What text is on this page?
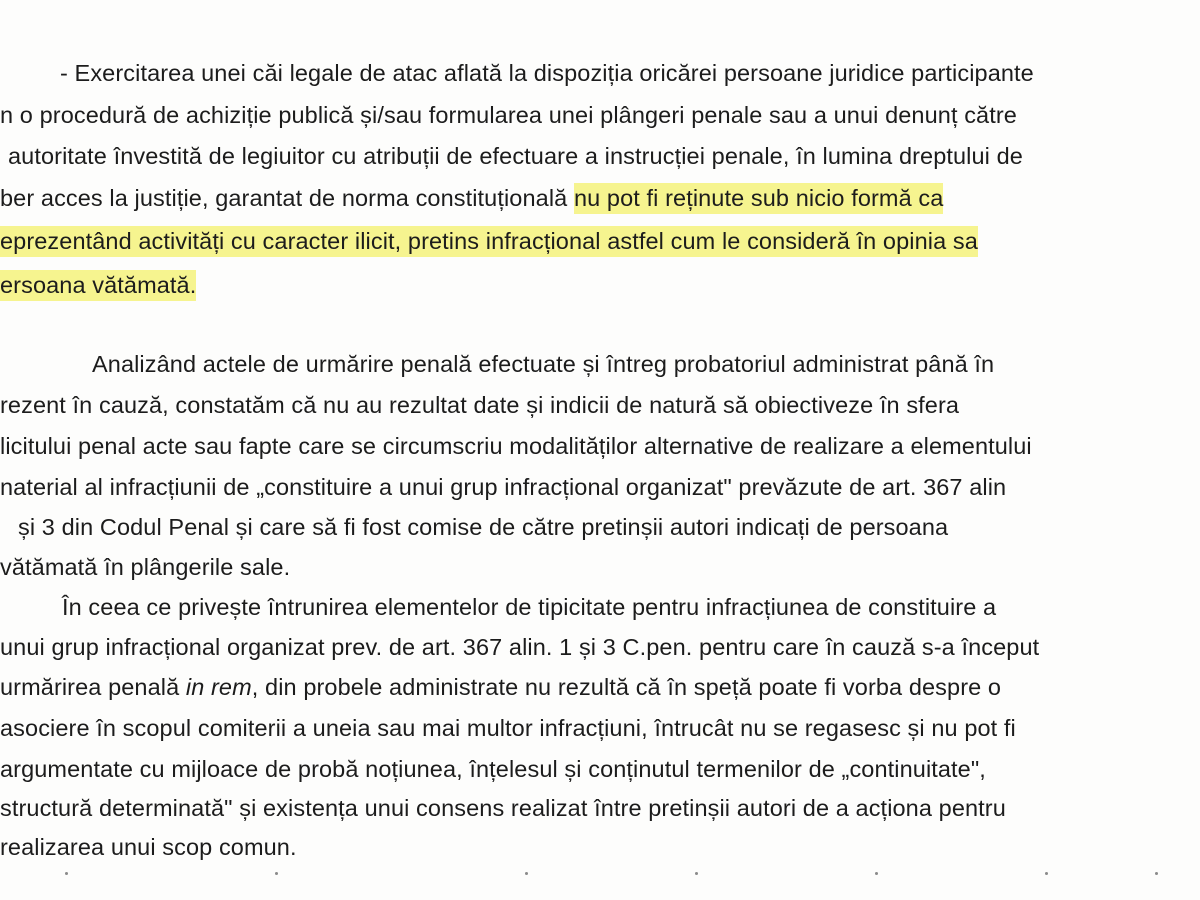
- Exercitarea unei căi legale de atac aflată la dispoziția oricărei persoane juridice participante
n o procedură de achiziție publică și/sau formularea unei plângeri penale sau a unui denunț către
autoritate învestită de legiuitor cu atribuții de efectuare a instrucției penale, în lumina dreptului de
ber acces la justiție, garantat de norma constituțională nu pot fi reținute sub nicio formă ca
eprezentând activități cu caracter ilicit, pretins infracțional astfel cum le consideră în opinia sa
ersoana vătămată.
Analizând actele de urmărire penală efectuate și întreg probatoriul administrat până în
rezent în cauză, constatăm că nu au rezultat date și indicii de natură să obiectiveze în sfera
licitului penal acte sau fapte care se circumscriu modalităților alternative de realizare a elementului
naterial al infracțiunii de „constituire a unui grup infracțional organizat" prevăzute de art. 367 alin
și 3 din Codul Penal și care să fi fost comise de către pretinșii autori indicați de persoana
vătămată în plângerile sale.
În ceea ce privește întrunirea elementelor de tipicitate pentru infracțiunea de constituire a
unui grup infracțional organizat prev. de art. 367 alin. 1 și 3 C.pen. pentru care în cauză s-a început
urmărirea penală in rem, din probele administrate nu rezultă că în speță poate fi vorba despre o
asociere în scopul comiterii a uneia sau mai multor infracțiuni, întrucât nu se regasesc și nu pot fi
argumentate cu mijloace de probă noțiunea, înțelesul și conținutul termenilor de „continuitate",
structură determinată" și existența unui consens realizat între pretinșii autori de a acționa pentru
realizarea unui scop comun.
